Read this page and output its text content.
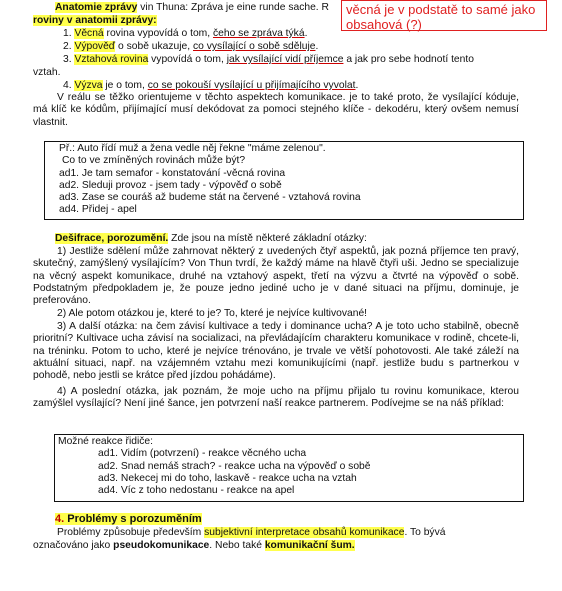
Anatomie zprávy vin Thuna: Zpráva je eine runde sache. R
roviny v anatomii zprávy:
1. Věcná rovina vypovídá o tom, čeho se zpráva týká.
2. Výpověď o sobě ukazuje, co vysílající o sobě sděluje.
3. Vztahová rovina vypovídá o tom, jak vysílající vidí příjemce a jak pro sebe hodnotí tento
vztah.
4. Výzva je o tom, co se pokouší vysílající u přijímajícího vyvolat.
V reálu se těžko orientujeme v těchto aspektech komunikace. je to také proto, že vysílající kóduje, má klíč ke kódům, přijímající musí dekódovat za pomoci stejného klíče - dekodéru, který ovšem nemusí vlastnit.
Př.: Auto řídí muž a žena vedle něj řekne "máme zelenou".
Co to ve zmíněných rovinách může být?
ad1. Je tam semafor - konstatování -věcná rovina
ad2. Sleduji provoz - jsem tady - výpověď o sobě
ad3. Zase se couráš až budeme stát na červené - vztahová rovina
ad4. Přidej - apel
Dešifrace, porozumění. Zde jsou na místě některé základní otázky:
1) Jestliže sdělení může zahrnovat některý z uvedených čtyř aspektů, jak pozná příjemce ten pravý, skutečný, zamýšlený vysílajícím? Von Thun tvrdí, že každý máme na hlavě čtyři uši. Jedno se specializuje na věcný aspekt komunikace, druhé na vztahový aspekt, třetí na výzvu a čtvrté na výpověď o sobě. Podstatným předpokladem je, že pouze jedno jediné ucho je v dané situaci na příjmu, dominuje, je preferováno.
2) Ale potom otázkou je, které to je? To, které je nejvíce kultivované!
3) A další otázka: na čem závisí kultivace a tedy i dominance ucha? A je toto ucho stabilně, obecně prioritní? Kultivace ucha závisí na socializaci, na převládajícím charakteru komunikace v rodině, chcete-li, na tréninku. Potom to ucho, které je nejvíce trénováno, je trvale ve větší pohotovosti. Ale také záleží na aktuální situaci, např. na vzájemném vztahu mezi komunikujícími (např. jestliže budu s partnerkou v pohodě, nebo jestli se krátce před jízdou pohádáme).
4) A poslední otázka, jak poznám, že moje ucho na příjmu přijalo tu rovinu komunikace, kterou zamýšlel vysílající? Není jiné šance, jen potvrzení naší reakce partnerem. Podívejme se na náš příklad:
Možné reakce řidiče:
ad1. Vidím (potvrzení) - reakce věcného ucha
ad2. Snad nemáš strach? - reakce ucha na výpověď o sobě
ad3. Nekecej mi do toho, laskavě - reakce ucha na vztah
ad4. Víc z toho nedostanu - reakce na apel
4. Problémy s porozuměním
Problémy způsobuje především subjektivní interpretace obsahů komunikace. To bývá
označováno jako pseudokomunikace. Nebo také komunikační šum.
věcná je v podstatě to samé jako
obsahová (?)
